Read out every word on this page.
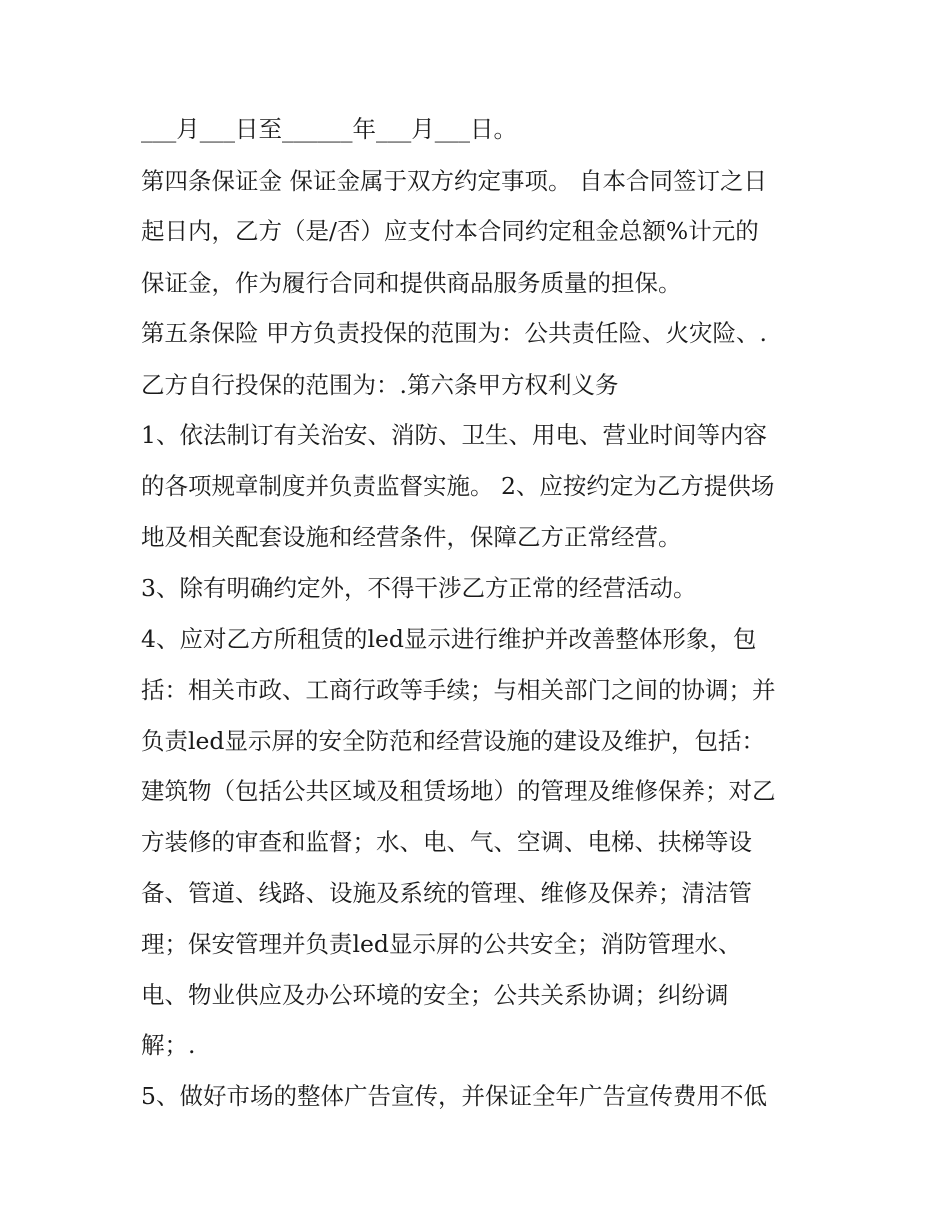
___月___日至______年___月___日。

第四条保证金 保证金属于双方约定事项。 自本合同签订之日

起日内，乙方（是/否）应支付本合同约定租金总额%计元的

保证金，作为履行合同和提供商品服务质量的担保。

第五条保险 甲方负责投保的范围为：公共责任险、火灾险、.

乙方自行投保的范围为：.第六条甲方权利义务

1、依法制订有关治安、消防、卫生、用电、营业时间等内容

的各项规章制度并负责监督实施。 2、应按约定为乙方提供场

地及相关配套设施和经营条件，保障乙方正常经营。

3、除有明确约定外，不得干涉乙方正常的经营活动。

4、应对乙方所租赁的led显示进行维护并改善整体形象，包

括：相关市政、工商行政等手续；与相关部门之间的协调；并

负责led显示屏的安全防范和经营设施的建设及维护，包括：

建筑物（包括公共区域及租赁场地）的管理及维修保养；对乙

方装修的审查和监督；水、电、气、空调、电梯、扶梯等设

备、管道、线路、设施及系统的管理、维修及保养；清洁管

理；保安管理并负责led显示屏的公共安全；消防管理水、

电、物业供应及办公环境的安全；公共关系协调；纠纷调

解；.

5、做好市场的整体广告宣传，并保证全年广告宣传费用不低
